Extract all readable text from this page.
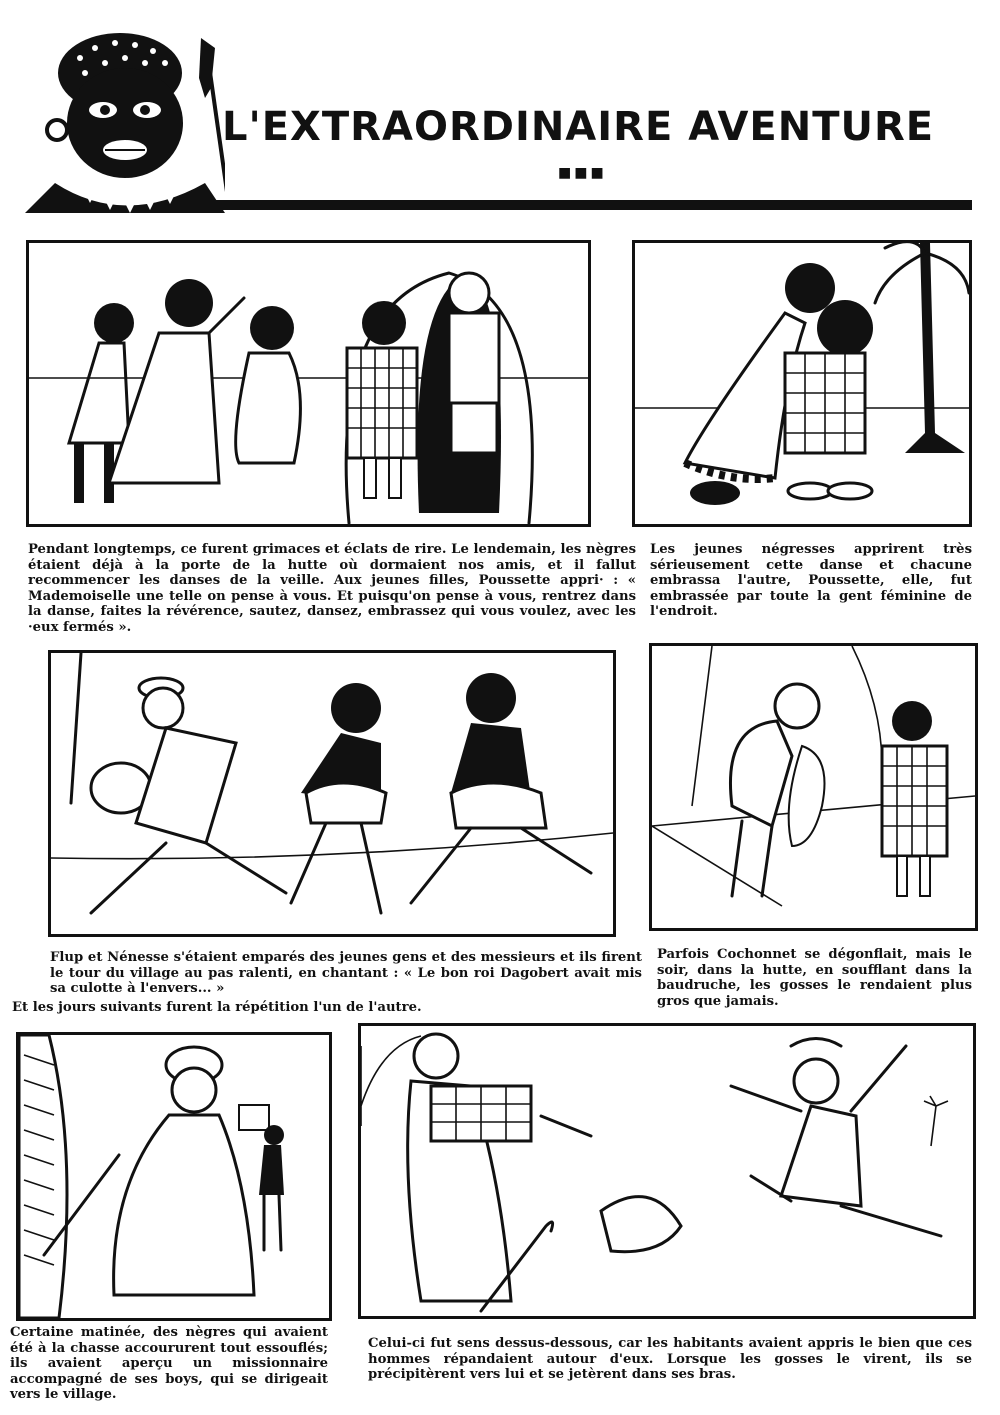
L'EXTRAORDINAIRE AVENTURE
■■■
Pendant longtemps, ce furent grimaces et éclats de rire. Le lendemain, les nègres étaient déjà à la porte de la hutte où dormaient nos amis, et il fallut recommencer les danses de la veille. Aux jeunes filles, Poussette appri· : « Mademoiselle une telle on pense à vous. Et puisqu'on pense à vous, rentrez dans la danse, faites la révérence, sautez, dansez, embrassez qui vous voulez, avec les ·eux fermés ».
Les jeunes négresses apprirent très sérieusement cette danse et chacune embrassa l'autre, Poussette, elle, fut embrassée par toute la gent féminine de l'endroit.
Flup et Nénesse s'étaient emparés des jeunes gens et des messieurs et ils firent le tour du village au pas ralenti, en chantant : « Le bon roi Dagobert avait mis sa culotte à l'envers... »
Et les jours suivants furent la répétition l'un de l'autre.
Parfois Cochonnet se dégonflait, mais le soir, dans la hutte, en soufflant dans la baudruche, les gosses le rendaient plus gros que jamais.
Certaine matinée, des nègres qui avaient été à la chasse accoururent tout essouflés; ils avaient aperçu un missionnaire accompagné de ses boys, qui se dirigeait vers le village.
Celui-ci fut sens dessus-dessous, car les habitants avaient appris le bien que ces hommes répandaient autour d'eux. Lorsque les gosses le virent, ils se précipitèrent vers lui et se jetèrent dans ses bras.
